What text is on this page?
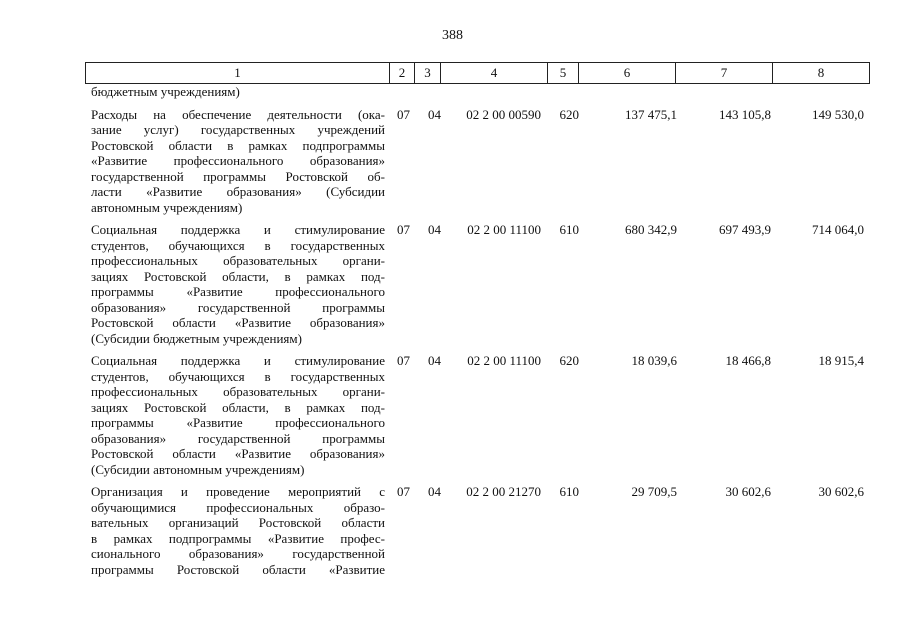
388
1	2	3	4	5	6	7	8
бюджетным учреждениям)
Расходы на обеспечение деятельности (ока-
зание услуг) государственных учреждений
Ростовской области в рамках подпрограммы
«Развитие профессионального образования»
государственной программы Ростовской об-
ласти «Развитие образования» (Субсидии
автономным учреждениям)
07	04	02 2 00 00590	620	137 475,1	143 105,8	149 530,0
Социальная поддержка и стимулирование
студентов, обучающихся в государственных
профессиональных образовательных органи-
зациях Ростовской области, в рамках под-
программы «Развитие профессионального
образования» государственной программы
Ростовской области «Развитие образования»
(Субсидии бюджетным учреждениям)
07	04	02 2 00 11100	610	680 342,9	697 493,9	714 064,0
Социальная поддержка и стимулирование
студентов, обучающихся в государственных
профессиональных образовательных органи-
зациях Ростовской области, в рамках под-
программы «Развитие профессионального
образования» государственной программы
Ростовской области «Развитие образования»
(Субсидии автономным учреждениям)
07	04	02 2 00 11100	620	18 039,6	18 466,8	18 915,4
Организация и проведение мероприятий с
обучающимися профессиональных образо-
вательных организаций Ростовской области
в рамках подпрограммы «Развитие профес-
сионального образования» государственной
программы Ростовской области «Развитие
07	04	02 2 00 21270	610	29 709,5	30 602,6	30 602,6
